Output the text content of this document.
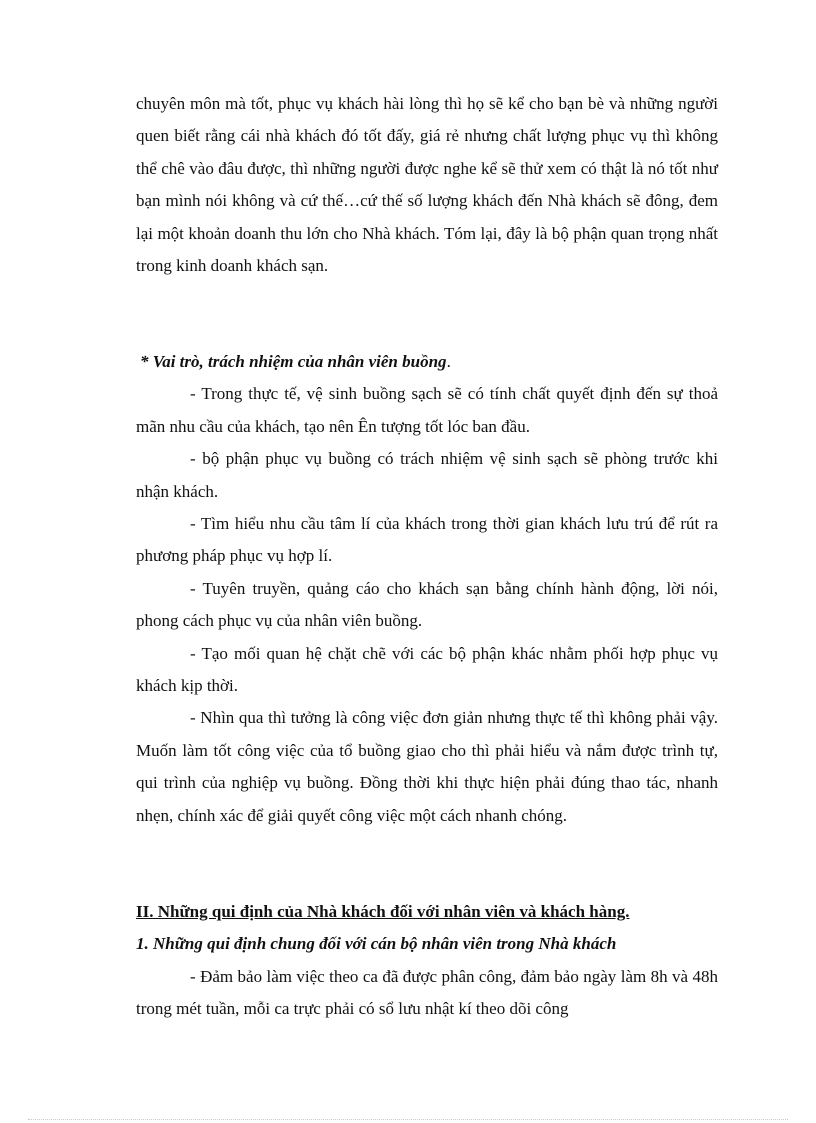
chuyên môn mà tốt, phục vụ khách hài lòng thì họ sẽ kể cho bạn bè và những người quen biết rằng cái nhà khách đó tốt đấy, giá rẻ nhưng chất lượng phục vụ thì không thể chê vào đâu được, thì những người được nghe kể sẽ thử xem có thật là nó tốt như bạn mình nói không và cứ thế…cứ thế số lượng khách đến Nhà khách sẽ đông, đem lại một khoản doanh thu lớn cho Nhà khách. Tóm lại, đây là bộ phận quan trọng nhất trong kinh doanh khách sạn.

* Vai trò, trách nhiệm của nhân viên buồng.

- Trong thực tế, vệ sinh buồng sạch sẽ có tính chất quyết định đến sự thoả mãn nhu cầu của khách, tạo nên Ên tượng tốt lóc ban đầu.

- bộ phận phục vụ buồng có trách nhiệm vệ sinh sạch sẽ phòng trước khi nhận khách.

- Tìm hiểu nhu cầu tâm lí của khách trong thời gian khách lưu trú để rút ra phương pháp phục vụ hợp lí.

- Tuyên truyền, quảng cáo cho khách sạn bằng chính hành động, lời nói, phong cách phục vụ của nhân viên buồng.

- Tạo mối quan hệ chặt chẽ với các bộ phận khác nhằm phối hợp phục vụ khách kịp thời.

- Nhìn qua thì tưởng là công việc đơn giản nhưng thực tế thì không phải vậy. Muốn làm tốt công việc của tổ buồng giao cho thì phải hiểu và nắm được trình tự, qui trình của nghiệp vụ buồng. Đồng thời khi thực hiện phải đúng thao tác, nhanh nhẹn, chính xác để giải quyết công việc một cách nhanh chóng.

II. Những qui định của Nhà khách đối với nhân viên và khách hàng.

1. Những qui định chung đối với cán bộ nhân viên trong Nhà khách

- Đảm bảo làm việc theo ca đã được phân công, đảm bảo ngày làm 8h và 48h trong mét tuần, mỗi ca trực phải có sổ lưu nhật kí theo dõi công
